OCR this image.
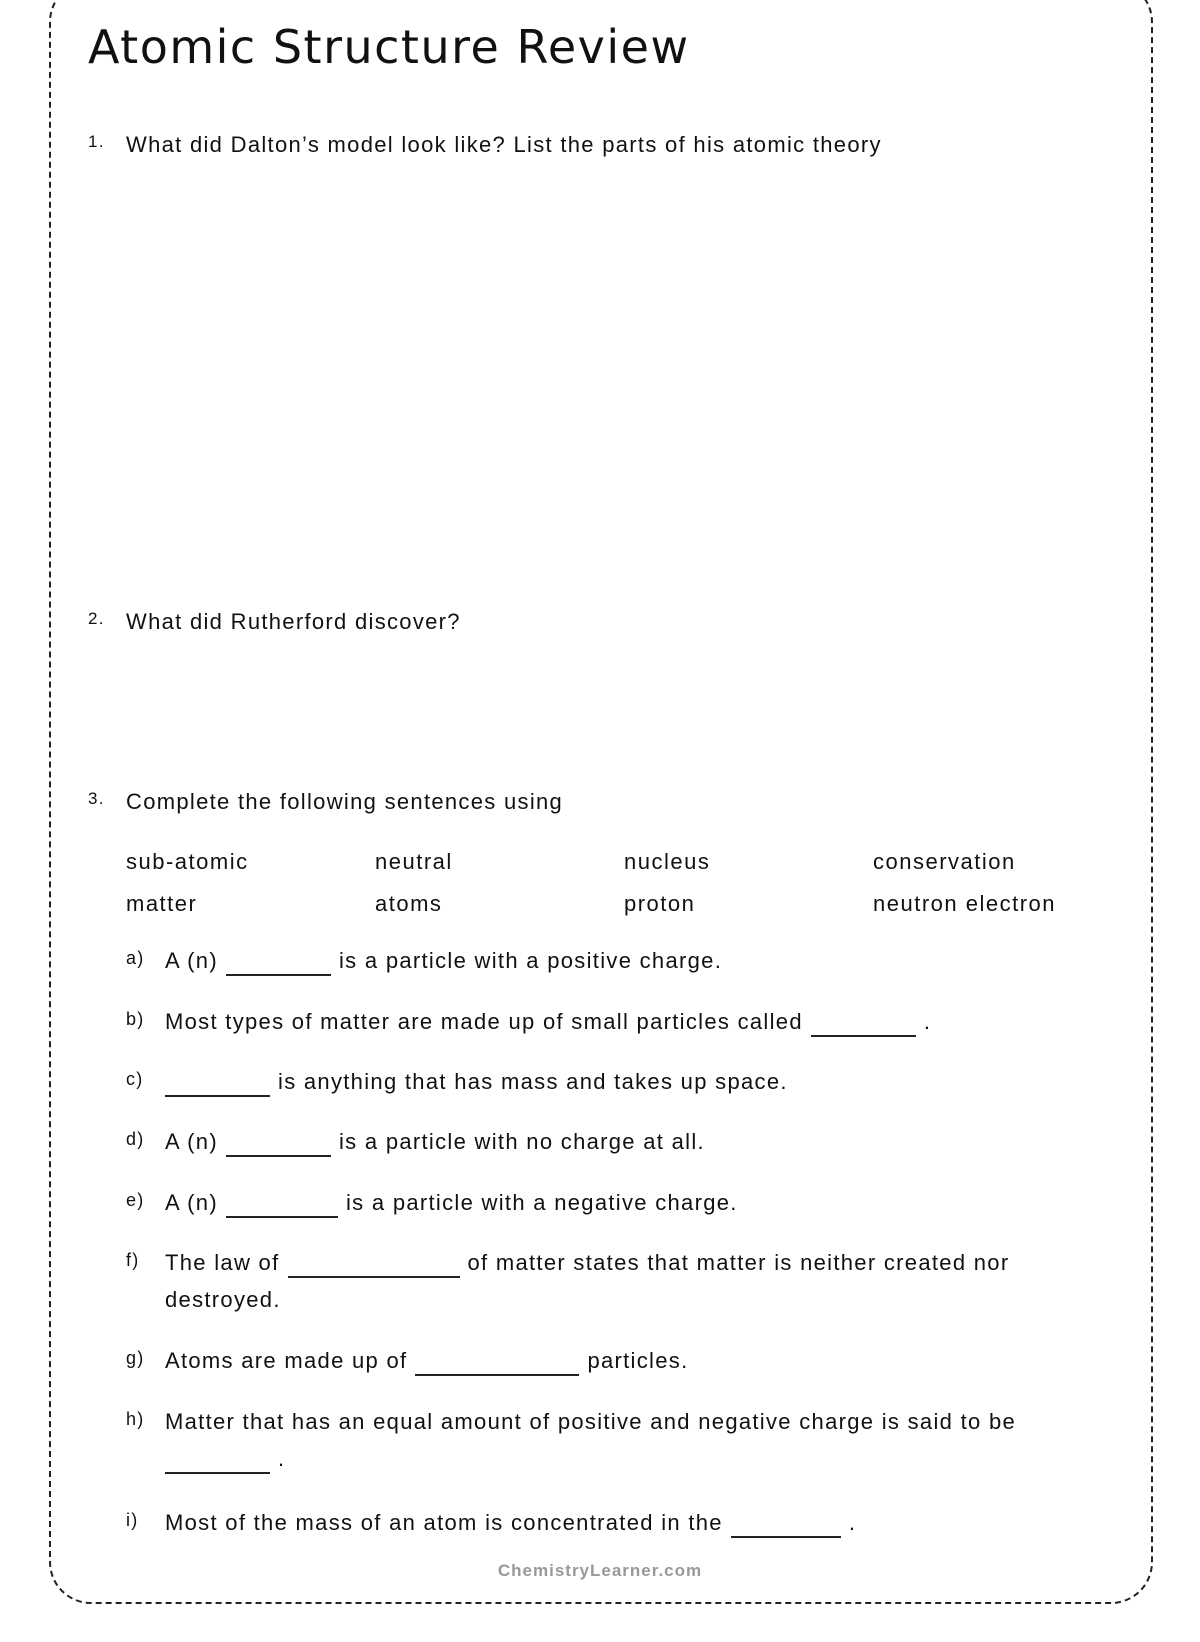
Atomic Structure Review
1. What did Dalton’s model look like? List the parts of his atomic theory
2. What did Rutherford discover?
3. Complete the following sentences using
sub-atomic	neutral	nucleus	conservation
matter	atoms	proton	neutron electron
a) A (n)	is a particle with a positive charge.
b) Most types of matter are made up of small particles called	.
c)	is anything that has mass and takes up space.
d) A (n)	is a particle with no charge at all.
e) A (n)	is a particle with a negative charge.
f) The law of	of matter states that matter is neither created nor
destroyed.
g) Atoms are made up of	particles.
h) Matter that has an equal amount of positive and negative charge is said to be
.
i) Most of the mass of an atom is concentrated in the	.
ChemistryLearner.com
